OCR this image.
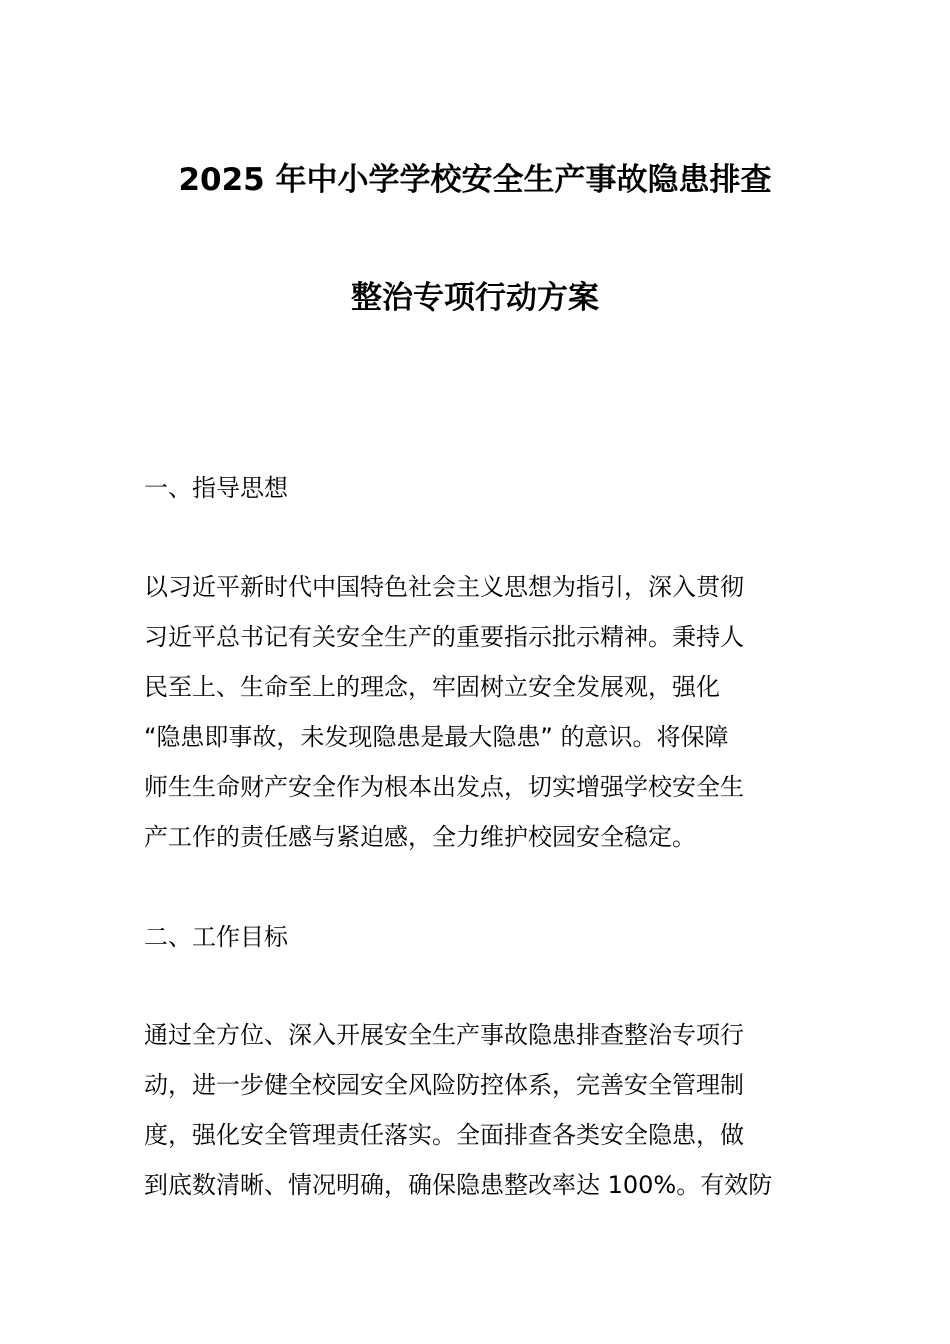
2025 年中小学学校安全生产事故隐患排查
整治专项行动方案
一、指导思想
以习近平新时代中国特色社会主义思想为指引，深入贯彻
习近平总书记有关安全生产的重要指示批示精神。秉持人
民至上、生命至上的理念，牢固树立安全发展观，强化
“隐患即事故，未发现隐患是最大隐患” 的意识。将保障
师生生命财产安全作为根本出发点，切实增强学校安全生
产工作的责任感与紧迫感，全力维护校园安全稳定。
二、工作目标
通过全方位、深入开展安全生产事故隐患排查整治专项行
动，进一步健全校园安全风险防控体系，完善安全管理制
度，强化安全管理责任落实。全面排查各类安全隐患，做
到底数清晰、情况明确，确保隐患整改率达 100%。有效防
